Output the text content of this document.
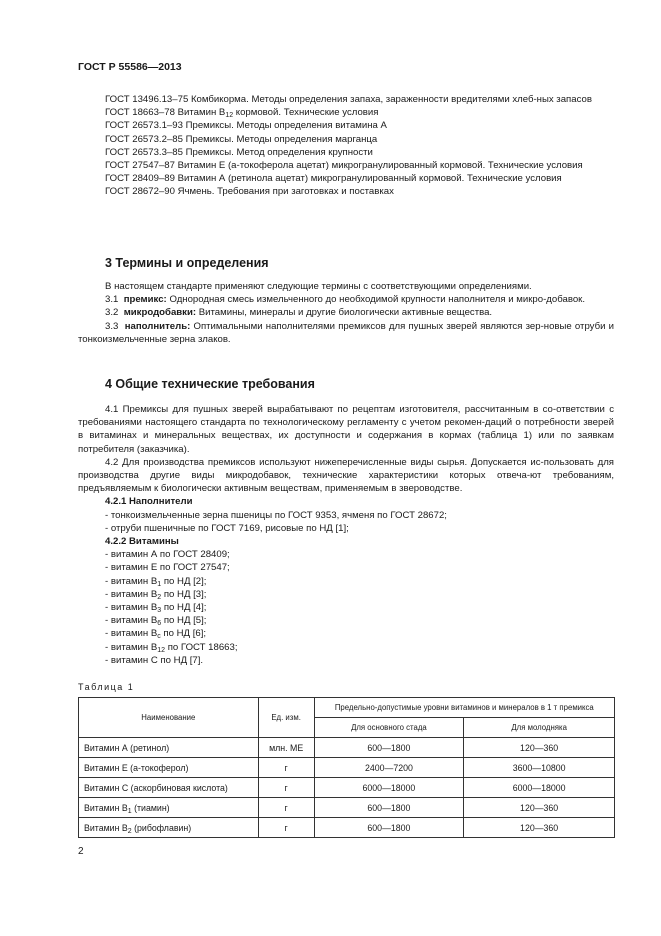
ГОСТ Р 55586—2013

ГОСТ 13496.13–75 Комбикорма. Методы определения запаха, зараженности вредителями хлеб-ных запасов

ГОСТ 18663–78 Витамин $B_{12}$ кормовой. Технические условия

ГОСТ 26573.1–93 Премиксы. Методы определения витамина А

ГОСТ 26573.2–85 Премиксы. Методы определения марганца

ГОСТ 26573.3–85 Премиксы. Метод определения крупности

ГОСТ 27547–87 Витамин Е (а-токоферола ацетат) микрогранулированный кормовой. Технические условия

ГОСТ 28409–89 Витамин А (ретинола ацетат) микрогранулированный кормовой. Технические условия

ГОСТ 28672–90 Ячмень. Требования при заготовках и поставках

3 Термины и определения

В настоящем стандарте применяют следующие термины с соответствующими определениями.

3.1 премикс: Однородная смесь измельченного до необходимой крупности наполнителя и микро-добавок.

3.2 микродобавки: Витамины, минералы и другие биологически активные вещества.

3.3 наполнитель: Оптимальными наполнителями премиксов для пушных зверей являются зер-новые отруби и тонкоизмельченные зерна злаков.

4 Общие технические требования

4.1 Премиксы для пушных зверей вырабатывают по рецептам изготовителя, рассчитанным в со-ответствии с требованиями настоящего стандарта по технологическому регламенту с учетом рекомен-даций о потребности зверей в витаминах и минеральных веществах, их доступности и содержания в кормах (таблица 1) или по заявкам потребителя (заказчика).

4.2 Для производства премиксов используют нижеперечисленные виды сырья. Допускается ис-пользовать для производства другие виды микродобавок, технические характеристики которых отвеча-ют требованиям, предъявляемым к биологически активным веществам, применяемым в звероводстве.

4.2.1 Наполнители

- тонкоизмельченные зерна пшеницы по ГОСТ 9353, ячменя по ГОСТ 28672;

- отруби пшеничные по ГОСТ 7169, рисовые по НД [1];

4.2.2 Витамины

- витамин А по ГОСТ 28409;

- витамин Е по ГОСТ 27547;

- витамин $B_1$ по НД [2];

- витамин $B_2$ по НД [3];

- витамин $B_3$ по НД [4];

- витамин $B_6$ по НД [5];

- витамин $B_c$ по НД [6];

- витамин $B_{12}$ по ГОСТ 18663;

- витамин С по НД [7].

Таблица 1
Наименование	Ед. изм.	Предельно-допустимые уровни витаминов и минералов в 1 т премикса	
		Для основного стада	Для молодняка
Витамин А (ретинол)	млн. МЕ	600—1800	120—360
Витамин Е (а-токоферол)	г	2400—7200	3600—10800
Витамин С (аскорбиновая кислота)	г	6000—18000	6000—18000
Витамин $B_1$ (тиамин)	г	600—1800	120—360
Витамин $B_2$ (рибофлавин)	г	600—1800	120—360
2
